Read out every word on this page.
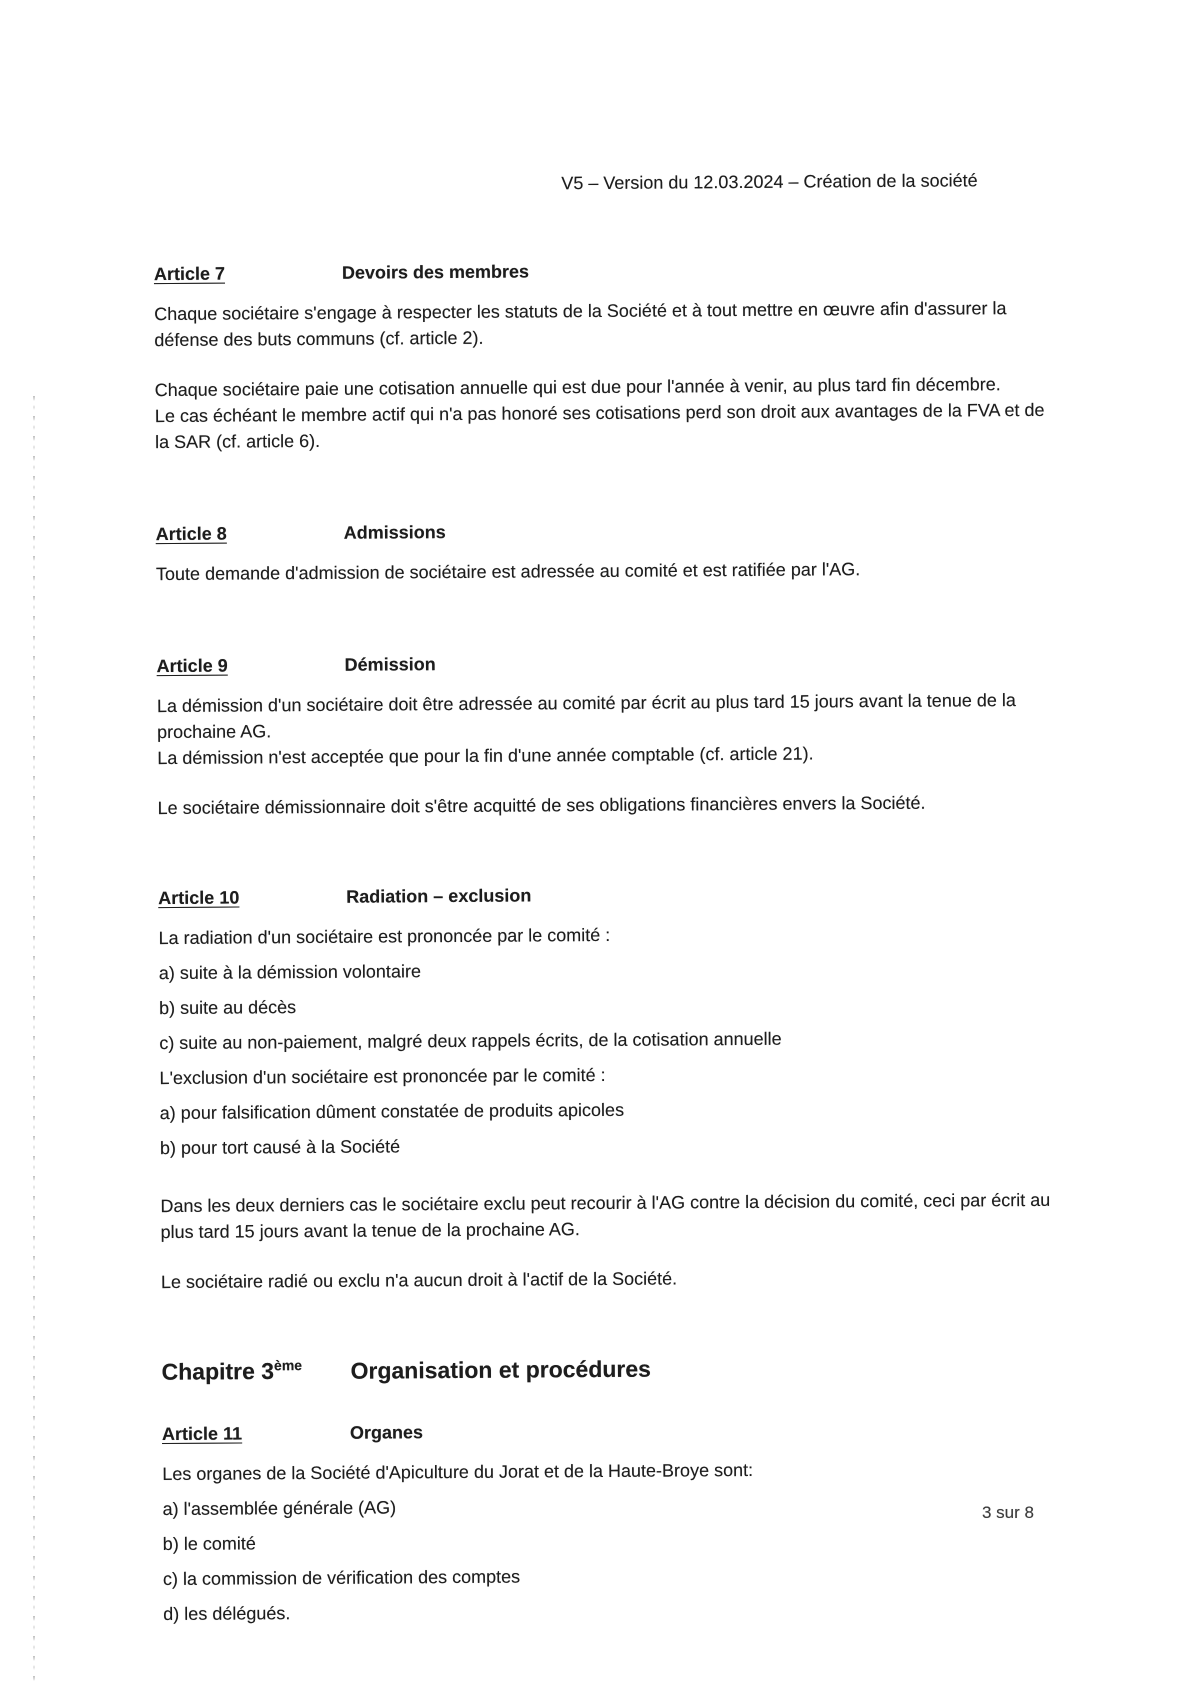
V5 – Version du 12.03.2024 – Création de la société
Article 7	Devoirs des membres
Chaque sociétaire s'engage à respecter les statuts de la Société et à tout mettre en œuvre afin d'assurer la défense des buts communs (cf. article 2).
Chaque sociétaire paie une cotisation annuelle qui est due pour l'année à venir, au plus tard fin décembre.
Le cas échéant le membre actif qui n'a pas honoré ses cotisations perd son droit aux avantages de la FVA et de la SAR (cf. article 6).
Article 8	Admissions
Toute demande d'admission de sociétaire est adressée au comité et est ratifiée par l'AG.
Article 9	Démission
La démission d'un sociétaire doit être adressée au comité par écrit au plus tard 15 jours avant la tenue de la prochaine AG.
La démission n'est acceptée que pour la fin d'une année comptable (cf. article 21).
Le sociétaire démissionnaire doit s'être acquitté de ses obligations financières envers la Société.
Article 10	Radiation – exclusion
La radiation d'un sociétaire est prononcée par le comité :
a) suite à la démission volontaire
b) suite au décès
c) suite au non-paiement, malgré deux rappels écrits, de la cotisation annuelle
L'exclusion d'un sociétaire est prononcée par le comité :
a) pour falsification dûment constatée de produits apicoles
b) pour tort causé à la Société
Dans les deux derniers cas le sociétaire exclu peut recourir à l'AG contre la décision du comité, ceci par écrit au plus tard 15 jours avant la tenue de la prochaine AG.
Le sociétaire radié ou exclu n'a aucun droit à l'actif de la Société.
Chapitre 3ème	Organisation et procédures
Article 11	Organes
Les organes de la Société d'Apiculture du Jorat et de la Haute-Broye sont:
a) l'assemblée générale (AG)
b) le comité
c) la commission de vérification des comptes
d) les délégués.
3 sur 8
